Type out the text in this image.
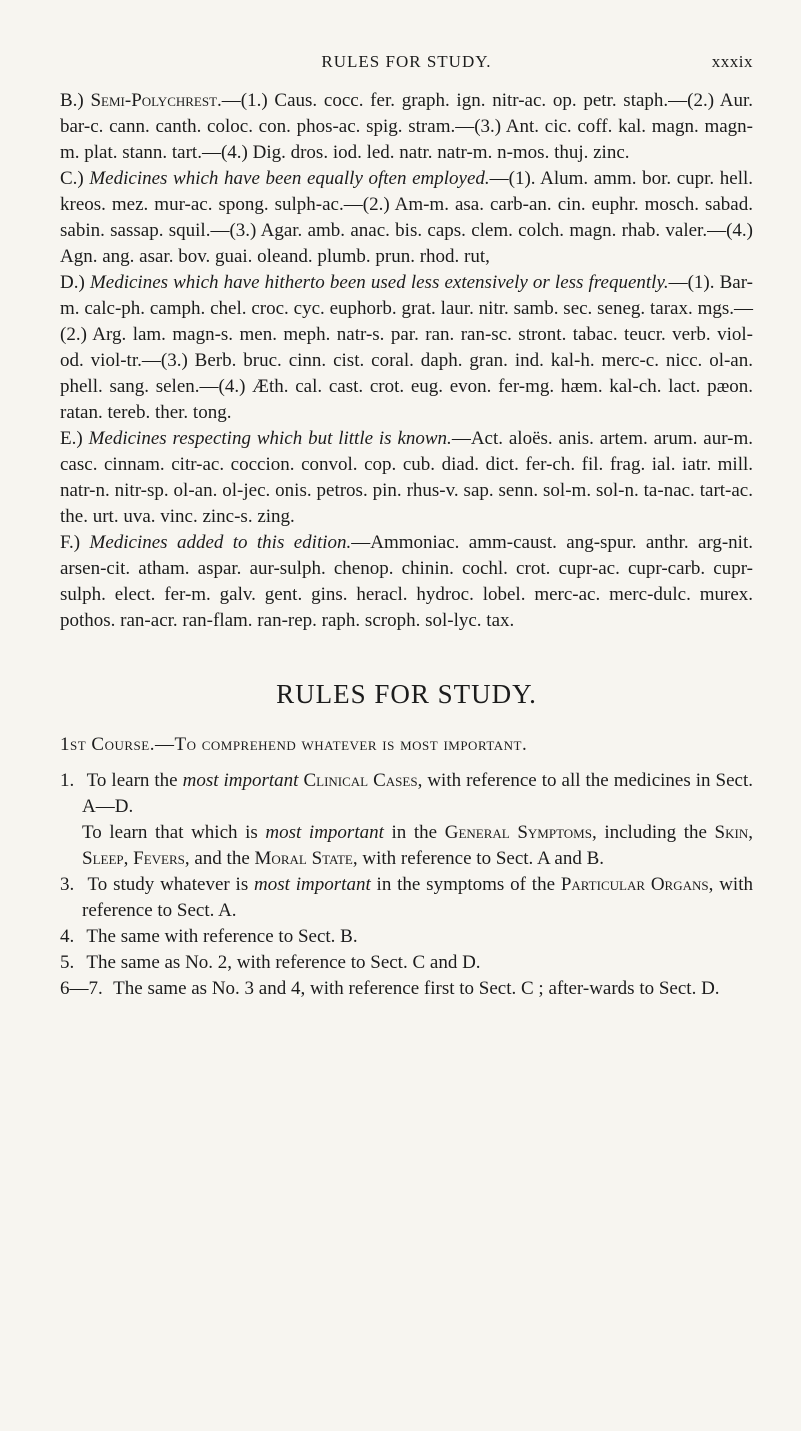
RULES FOR STUDY.	xxxix

B.) Semi-Polychrest.—(1.) Caus. cocc. fer. graph. ign. nitr-ac. op. petr. staph.—(2.) Aur. bar-c. cann. canth. coloc. con. phos-ac. spig. stram.—(3.) Ant. cic. coff. kal. magn. magn-m. plat. stann. tart.—(4.) Dig. dros. iod. led. natr. natr-m. n-mos. thuj. zinc.

C.) Medicines which have been equally often employed.—(1). Alum. amm. bor. cupr. hell. kreos. mez. mur-ac. spong. sulph-ac.—(2.) Am-m. asa. carb-an. cin. euphr. mosch. sabad. sabin. sassap. squil.—(3.) Agar. amb. anac. bis. caps. clem. colch. magn. rhab. valer.—(4.) Agn. ang. asar. bov. guai. oleand. plumb. prun. rhod. rut,

D.) Medicines which have hitherto been used less extensively or less frequently.—(1). Bar-m. calc-ph. camph. chel. croc. cyc. euphorb. grat. laur. nitr. samb. sec. seneg. tarax. mgs.—(2.) Arg. lam. magn-s. men. meph. natr-s. par. ran. ran-sc. stront. tabac. teucr. verb. viol-od. viol-tr.—(3.) Berb. bruc. cinn. cist. coral. daph. gran. ind. kal-h. merc-c. nicc. ol-an. phell. sang. selen.—(4.) Æth. cal. cast. crot. eug. evon. fer-mg. hæm. kal-ch. lact. pæon. ratan. tereb. ther. tong.

E.) Medicines respecting which but little is known.—Act. aloës. anis. artem. arum. aur-m. casc. cinnam. citr-ac. coccion. convol. cop. cub. diad. dict. fer-ch. fil. frag. ial. iatr. mill. natr-n. nitr-sp. ol-an. ol-jec. onis. petros. pin. rhus-v. sap. senn. sol-m. sol-n. ta-nac. tart-ac. the. urt. uva. vinc. zinc-s. zing.

F.) Medicines added to this edition.—Ammoniac. amm-caust. ang-spur. anthr. arg-nit. arsen-cit. atham. aspar. aur-sulph. chenop. chinin. cochl. crot. cupr-ac. cupr-carb. cupr-sulph. elect. fer-m. galv. gent. gins. heracl. hydroc. lobel. merc-ac. merc-dulc. murex. pothos. ran-acr. ran-flam. ran-rep. raph. scroph. sol-lyc. tax.

RULES FOR STUDY.

1st Course.—To comprehend whatever is most important.

1. To learn the most important Clinical Cases, with reference to all the medicines in Sect. A—D.

To learn that which is most important in the General Symptoms, including the Skin, Sleep, Fevers, and the Moral State, with reference to Sect. A and B.

3. To study whatever is most important in the symptoms of the Particular Organs, with reference to Sect. A.

4. The same with reference to Sect. B.

5. The same as No. 2, with reference to Sect. C and D.

6—7. The same as No. 3 and 4, with reference first to Sect. C ; after-wards to Sect. D.
